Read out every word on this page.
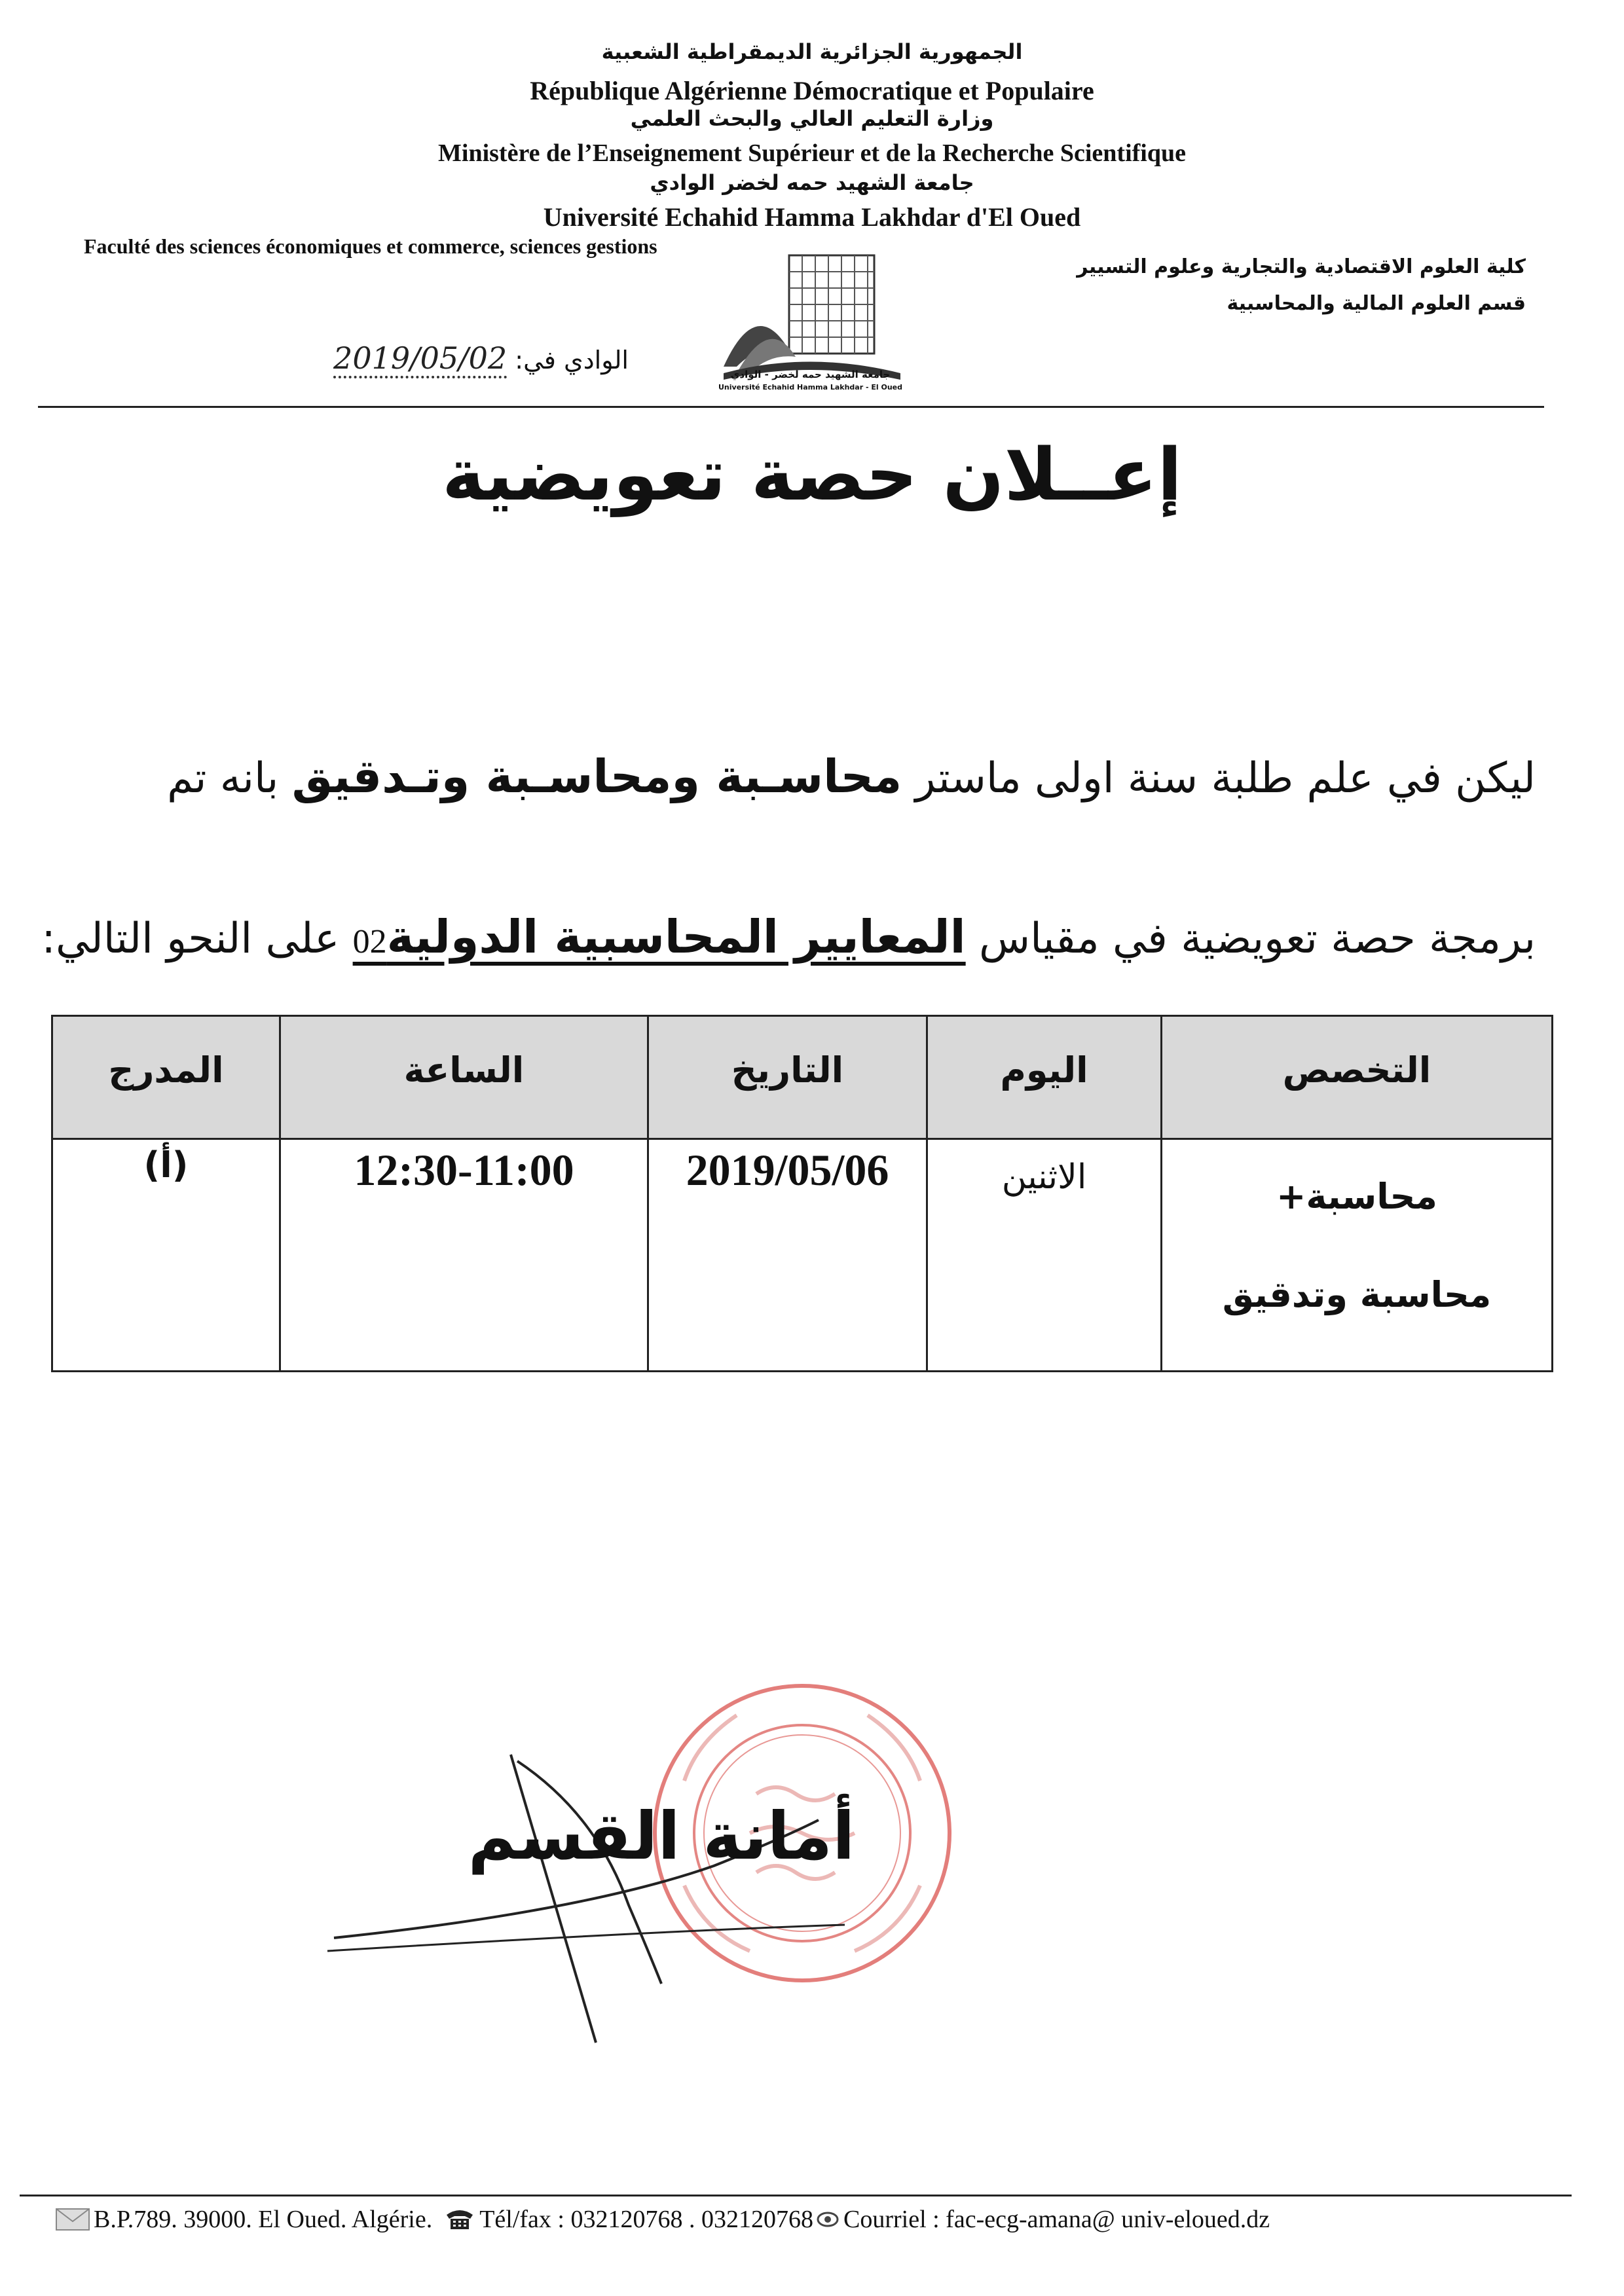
الجمهورية الجزائرية الديمقراطية الشعبية
République Algérienne Démocratique et Populaire
وزارة التعليم العالي والبحث العلمي
Ministère de l’Enseignement Supérieur et de la Recherche Scientifique
جامعة الشهيد حمه لخضر الوادي
Université Echahid Hamma Lakhdar d'El Oued
Faculté des sciences économiques et commerce, sciences gestions
كلية العلوم الاقتصادية والتجارية وعلوم التسيير
قسم العلوم المالية والمحاسبية
جامعة الشهيد حمه لخضر - الوادي
Université Echahid Hamma Lakhdar - El Oued
الوادي في: 2019/05/02
إعــلان حصة تعويضية
ليكن في علم طلبة سنة اولى ماستر محاسـبة ومحاسـبة وتـدقيق بانه تم
برمجة حصة تعويضية في مقياس المعايير المحاسبية الدولية02 على النحو التالي:
التخصص
اليوم
التاريخ
الساعة
المدرج
محاسبة+
محاسبة وتدقيق
الاثنين
2019/05/06
12:30-11:00
(أ)
أمانة القسم
B.P.789. 39000. El Oued. Algérie. Tél/fax : 032120768 . 032120768 Courriel : fac-ecg-amana@ univ-eloued.dz
